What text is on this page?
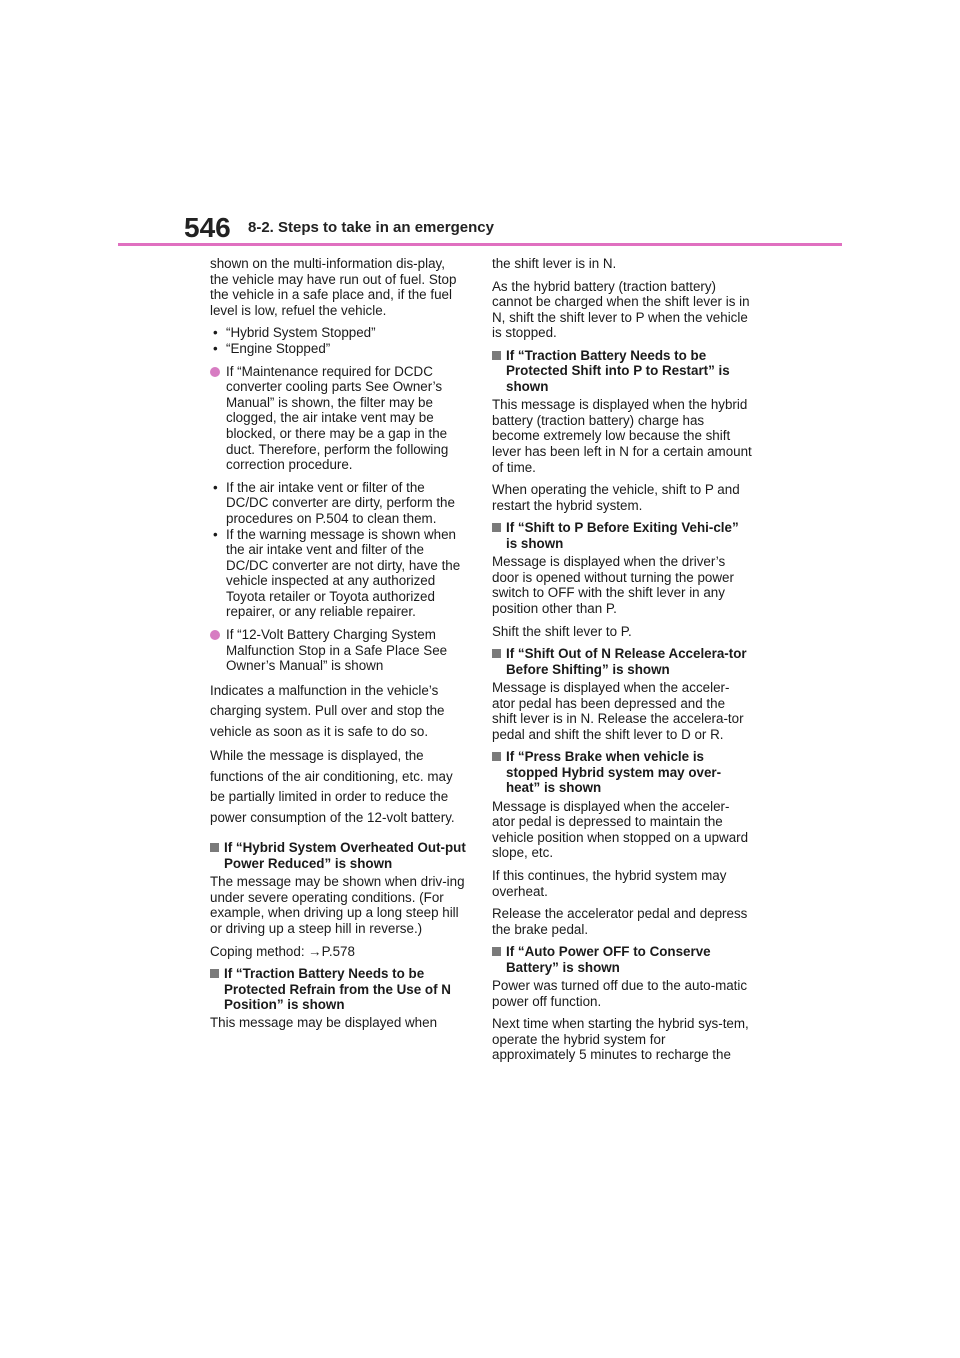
546 8-2. Steps to take in an emergency

shown on the multi-information dis-play, the vehicle may have run out of fuel. Stop the vehicle in a safe place and, if the fuel level is low, refuel the vehicle.

• “Hybrid System Stopped”
• “Engine Stopped”
If “Maintenance required for DCDC converter cooling parts See Owner’s Manual” is shown, the filter may be clogged, the air intake vent may be blocked, or there may be a gap in the duct. Therefore, perform the following correction procedure.
• If the air intake vent or filter of the DC/DC converter are dirty, perform the procedures on P.504 to clean them.
• If the warning message is shown when the air intake vent and filter of the DC/DC converter are not dirty, have the vehicle inspected at any authorized Toyota retailer or Toyota authorized repairer, or any reliable repairer.
If “12-Volt Battery Charging System Malfunction Stop in a Safe Place See Owner’s Manual” is shown

Indicates a malfunction in the vehicle’s charging system. Pull over and stop the vehicle as soon as it is safe to do so.

While the message is displayed, the functions of the air conditioning, etc. may be partially limited in order to reduce the power consumption of the 12-volt battery.

If “Hybrid System Overheated Out-put Power Reduced” is shown

The message may be shown when driv-ing under severe operating conditions. (For example, when driving up a long steep hill or driving up a steep hill in reverse.)

Coping method: →P.578

If “Traction Battery Needs to be Protected Refrain from the Use of N Position” is shown

This message may be displayed when

the shift lever is in N.

As the hybrid battery (traction battery) cannot be charged when the shift lever is in N, shift the shift lever to P when the vehicle is stopped.

If “Traction Battery Needs to be Protected Shift into P to Restart” is shown

This message is displayed when the hybrid battery (traction battery) charge has become extremely low because the shift lever has been left in N for a certain amount of time.

When operating the vehicle, shift to P and restart the hybrid system.

If “Shift to P Before Exiting Vehi-cle” is shown

Message is displayed when the driver’s door is opened without turning the power switch to OFF with the shift lever in any position other than P.

Shift the shift lever to P.

If “Shift Out of N Release Accelera-tor Before Shifting” is shown

Message is displayed when the acceler-ator pedal has been depressed and the shift lever is in N. Release the accelera-tor pedal and shift the shift lever to D or R.

If “Press Brake when vehicle is stopped Hybrid system may over-heat” is shown

Message is displayed when the acceler-ator pedal is depressed to maintain the vehicle position when stopped on a upward slope, etc.

If this continues, the hybrid system may overheat.

Release the accelerator pedal and depress the brake pedal.

If “Auto Power OFF to Conserve Battery” is shown

Power was turned off due to the auto-matic power off function.

Next time when starting the hybrid sys-tem, operate the hybrid system for approximately 5 minutes to recharge the
